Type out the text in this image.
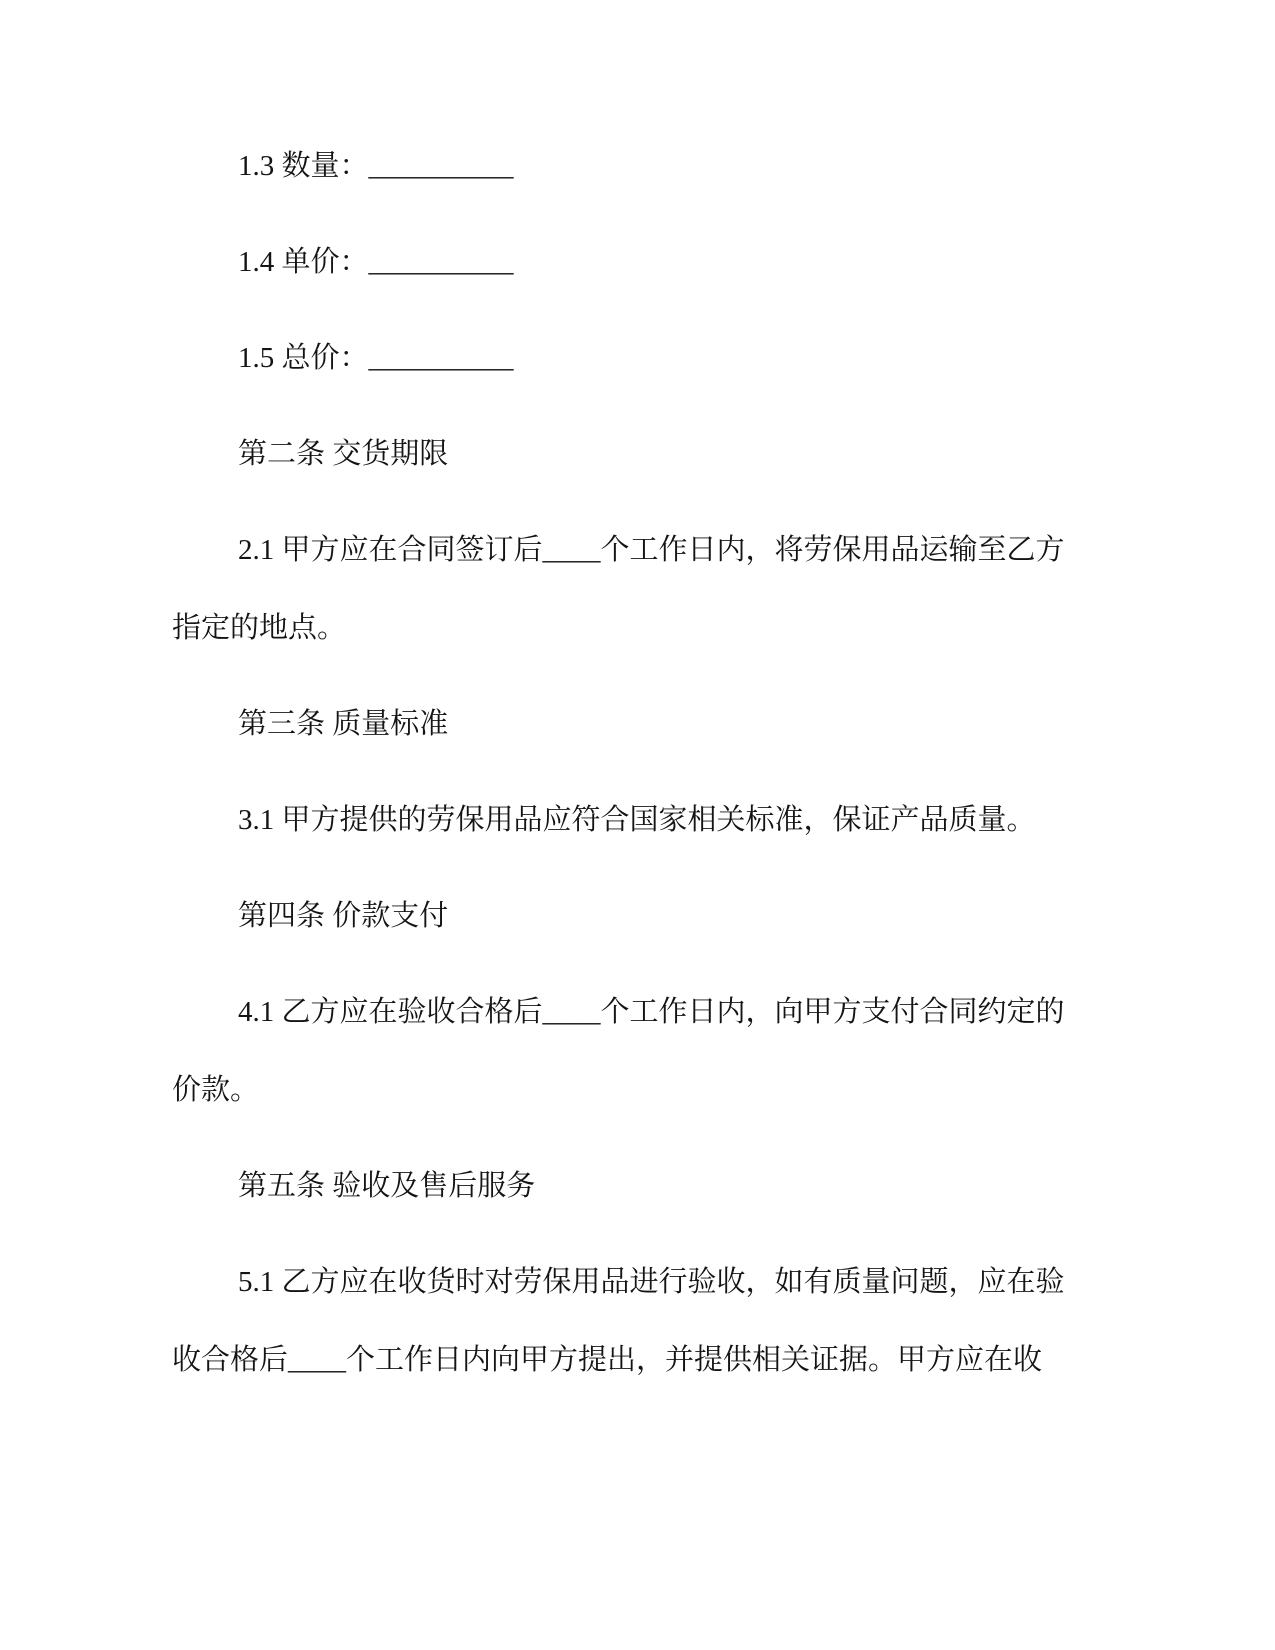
1.3 数量：__________
1.4 单价：__________
1.5 总价：__________
第二条 交货期限
2.1 甲方应在合同签订后____个工作日内，将劳保用品运输至乙方
指定的地点。
第三条 质量标准
3.1 甲方提供的劳保用品应符合国家相关标准，保证产品质量。
第四条 价款支付
4.1 乙方应在验收合格后____个工作日内，向甲方支付合同约定的
价款。
第五条 验收及售后服务
5.1 乙方应在收货时对劳保用品进行验收，如有质量问题，应在验
收合格后____个工作日内向甲方提出，并提供相关证据。甲方应在收
